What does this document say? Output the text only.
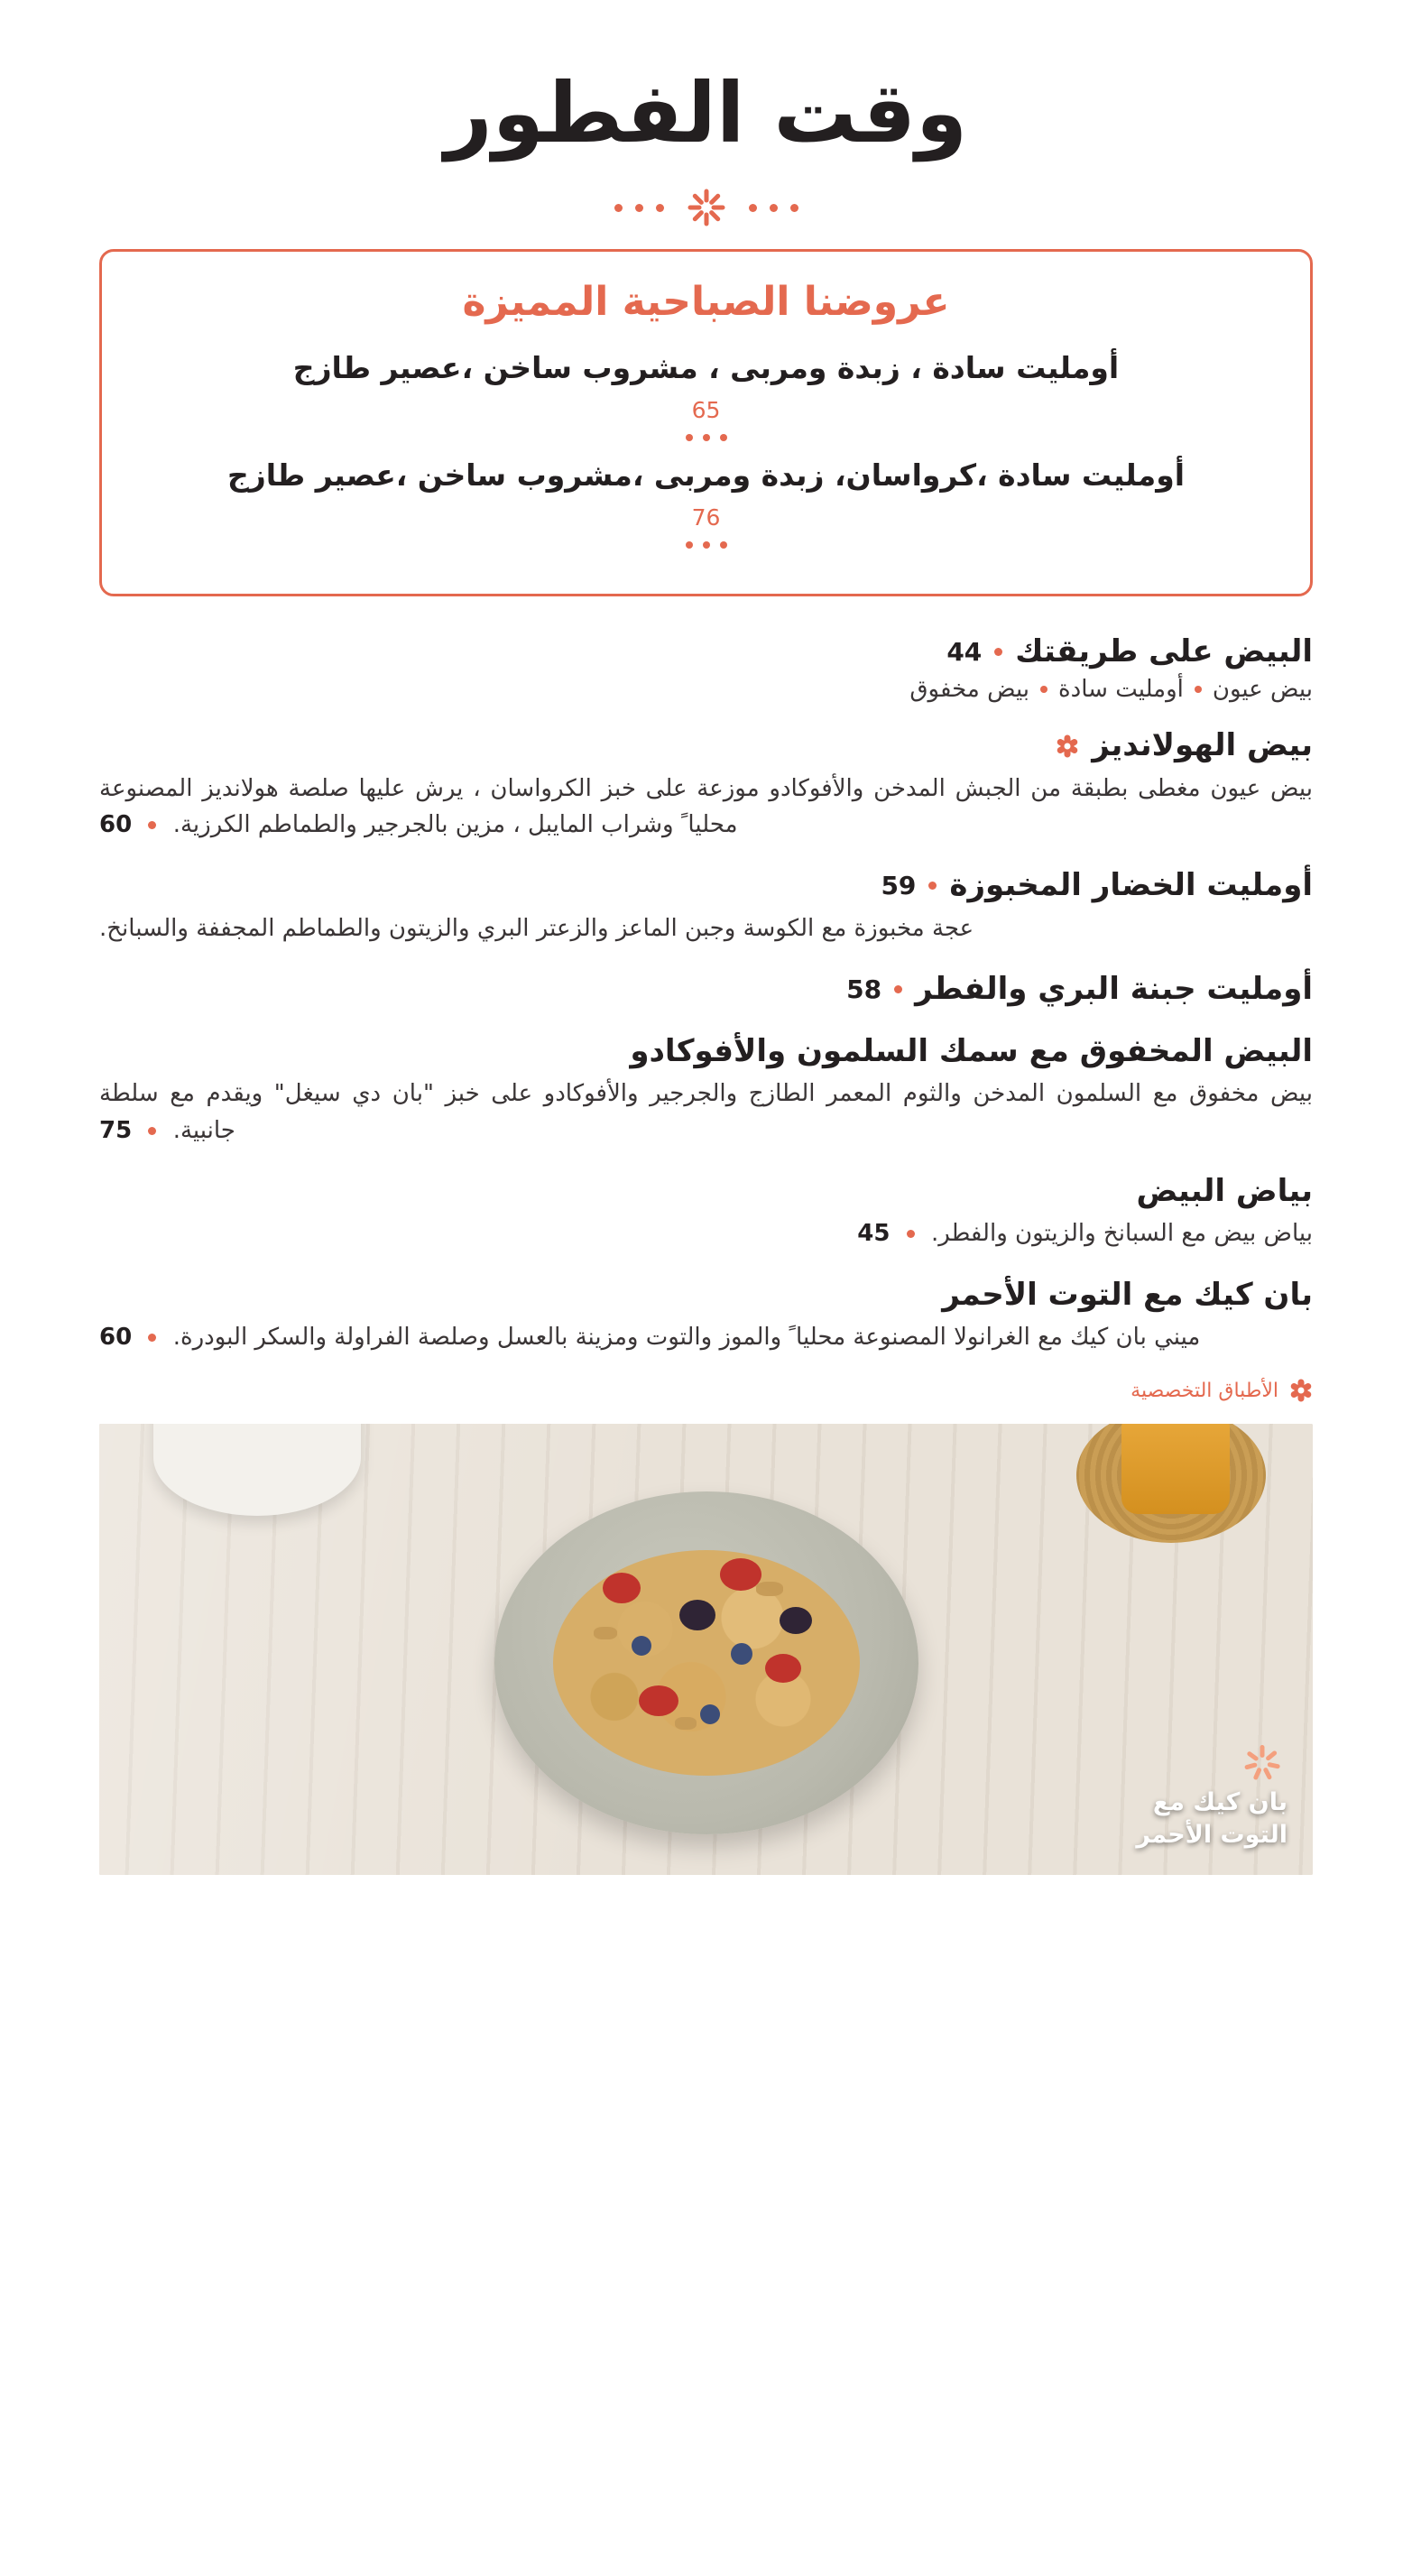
وقت الفطور
عروضنا الصباحية المميزة
أومليت سادة ، زبدة ومربى ، مشروب ساخن ،عصير طازج
65
أومليت سادة ،كرواسان، زبدة ومربى ،مشروب ساخن ،عصير طازج
76
البيض على طريقتك
44
بيض عيون
أومليت سادة
بيض مخفوق
بيض الهولانديز
بيض عيون مغطى بطبقة من الجبش المدخن والأفوكادو موزعة على خبز الكرواسان ، يرش عليها صلصة هولانديز المصنوعة محليا ً وشراب المايبل ، مزين بالجرجير والطماطم الكرزية.  60
أومليت الخضار المخبوزة
59
عجة مخبوزة مع الكوسة وجبن الماعز والزعتر البري والزيتون والطماطم المجففة والسبانخ.
أومليت جبنة البري والفطر
58
البيض المخفوق مع سمك السلمون والأفوكادو
بيض مخفوق مع السلمون المدخن والثوم المعمر الطازج والجرجير والأفوكادو على خبز "بان دي سيغل" ويقدم مع سلطة جانبية.  75
بياض البيض
بياض بيض مع السبانخ والزيتون والفطر.  45
بان كيك مع التوت الأحمر
ميني بان كيك مع الغرانولا المصنوعة محليا ً والموز والتوت ومزينة بالعسل وصلصة الفراولة والسكر البودرة.  60
الأطباق التخصصية
بان كيك مع
التوت الأحمر
